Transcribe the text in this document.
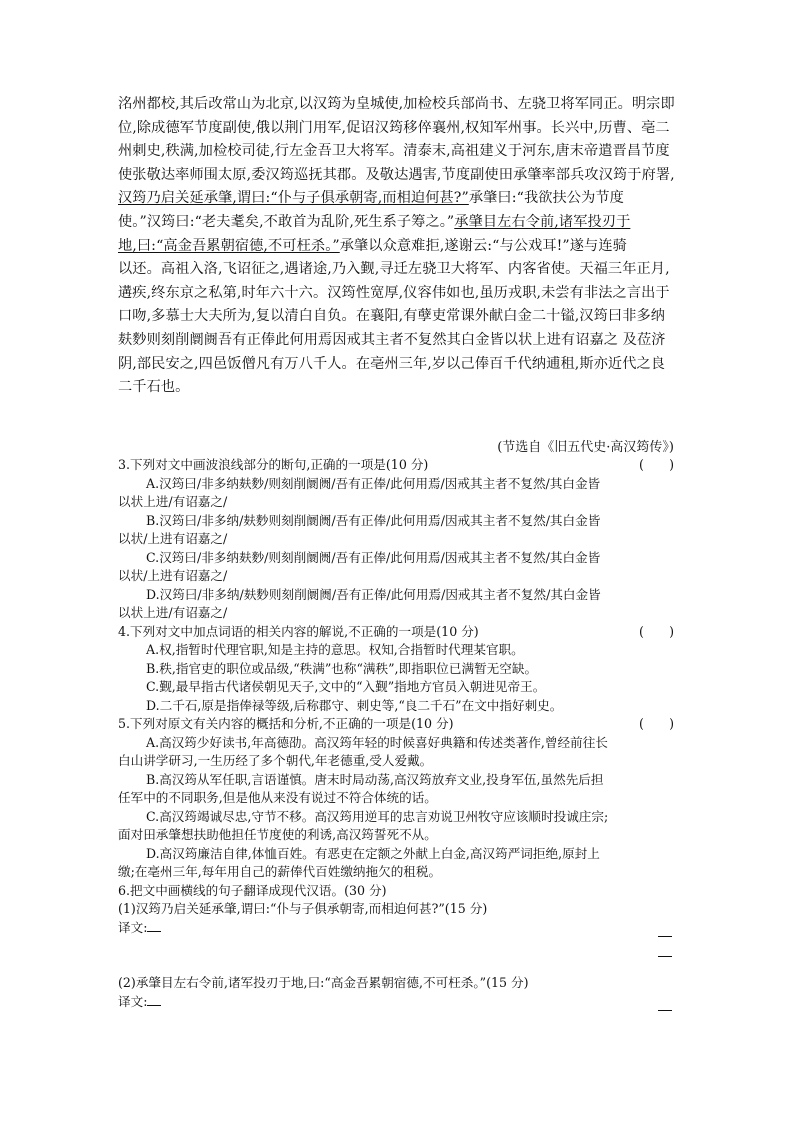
洺州都校,其后改常山为北京,以汉筠为皇城使,加检校兵部尚书、左骁卫将军同正。明宗即
位,除成德军节度副使,俄以荆门用军,促诏汉筠移倅襄州,权知军州事。长兴中,历曹、亳二
州刺史,秩满,加检校司徒,行左金吾卫大将军。清泰末,高祖建义于河东,唐末帝遣晋昌节度
使张敬达率师围太原,委汉筠巡抚其郡。及敬达遇害,节度副使田承肇率部兵攻汉筠于府署,
汉筠乃启关延承肇,谓曰:“仆与子俱承朝寄,而相迫何甚?”承肇曰:“我欲扶公为节度
使。”汉筠曰:“老夫耄矣,不敢首为乱阶,死生系子筹之。”承肇目左右令前,诸军投刃于
地,曰:“高金吾累朝宿德,不可枉杀。”承肇以众意难拒,遂谢云:“与公戏耳!”遂与连骑
以还。高祖入洛,飞诏征之,遇诸途,乃入觐,寻迁左骁卫大将军、内客省使。天福三年正月,
遘疾,终东京之私第,时年六十六。汉筠性宽厚,仪容伟如也,虽历戎职,未尝有非法之言出于
口吻,多慕士大夫所为,复以清白自负。在襄阳,有孽吏常课外献白金二十镒,汉筠曰非多纳
麸麨则刻削阛阓吾有正俸此何用焉因戒其主者不复然其白金皆以状上进有诏嘉之 及莅济
阴,部民安之,四邑饭僧凡有万八千人。在亳州三年,岁以己俸百千代纳逋租,斯亦近代之良
二千石也。
(节选自《旧五代史·高汉筠传》)
3.下列对文中画波浪线部分的断句,正确的一项是(10 分)	(　　)
A.汉筠曰/非多纳麸麨/则刻削阛阓/吾有正俸/此何用焉/因戒其主者不复然/其白金皆
以状上进/有诏嘉之/
B.汉筠曰/非多纳/麸麨则刻削阛阓/吾有正俸/此何用焉/因戒其主者不复然/其白金皆
以状/上进有诏嘉之/
C.汉筠曰/非多纳麸麨/则刻削阛阓/吾有正俸/此何用焉/因戒其主者不复然/其白金皆
以状/上进有诏嘉之/
D.汉筠曰/非多纳/麸麨则刻削阛阓/吾有正俸/此何用焉/因戒其主者不复然/其白金皆
以状上进/有诏嘉之/
4.下列对文中加点词语的相关内容的解说,不正确的一项是(10 分)	(　　)
A.权,指暂时代理官职,知是主持的意思。权知,合指暂时代理某官职。
B.秩,指官吏的职位或品级,“秩满”也称“满秩”,即指职位已满暂无空缺。
C.觐,最早指古代诸侯朝见天子,文中的“入觐”指地方官员入朝进见帝王。
D.二千石,原是指俸禄等级,后称郡守、刺史等,“良二千石”在文中指好刺史。
5.下列对原文有关内容的概括和分析,不正确的一项是(10 分)	(　　)
A.高汉筠少好读书,年高德劭。高汉筠年轻的时候喜好典籍和传述类著作,曾经前往长
白山讲学研习,一生历经了多个朝代,年老德重,受人爱戴。
B.高汉筠从军任职,言语谨慎。唐末时局动荡,高汉筠放弃文业,投身军伍,虽然先后担
任军中的不同职务,但是他从来没有说过不符合体统的话。
C.高汉筠竭诚尽忠,守节不移。高汉筠用逆耳的忠言劝说卫州牧守应该顺时投诚庄宗;
面对田承肇想扶助他担任节度使的利诱,高汉筠誓死不从。
D.高汉筠廉洁自律,体恤百姓。有恶吏在定额之外献上白金,高汉筠严词拒绝,原封上
缴;在亳州三年,每年用自己的薪俸代百姓缴纳拖欠的租税。
6.把文中画横线的句子翻译成现代汉语。(30 分)
(1)汉筠乃启关延承肇,谓曰:“仆与子俱承朝寄,而相迫何甚?”(15 分)
译文:
(2)承肇目左右令前,诸军投刃于地,曰:“高金吾累朝宿德,不可枉杀。”(15 分)
译文:
